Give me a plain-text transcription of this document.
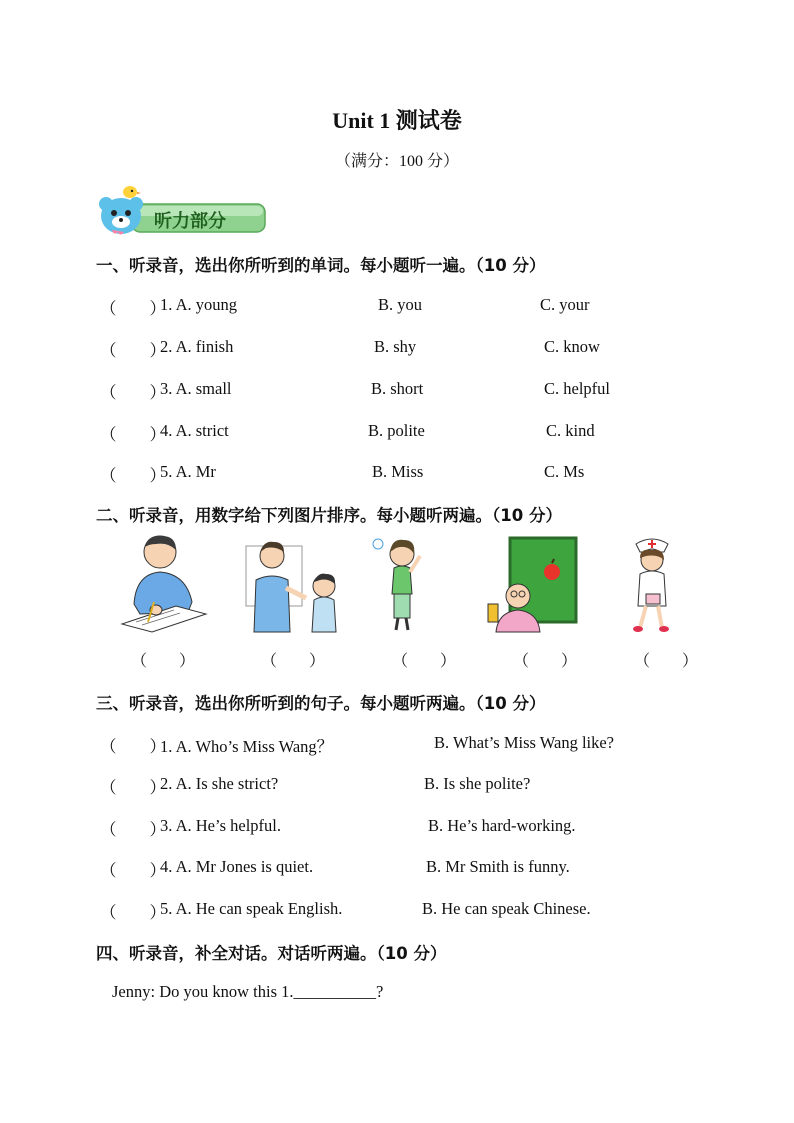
Unit 1 测试卷
（满分：100 分）
听力部分
一、听录音，选出你所听到的单词。每小题听一遍。（10 分）
（　　）
1. A. young	B. you	C. your
（　　）
2. A. finish	B. shy	C. know
（　　）
3. A. small	B. short	C. helpful
（　　）
4. A. strict	B. polite	C. kind
（　　）
5. A. Mr	B. Miss	C. Ms
二、听录音，用数字给下列图片排序。每小题听两遍。（10 分）
（　　）	（　　）	（　　）	（　　）	（　　）
三、听录音，选出你所听到的句子。每小题听两遍。（10 分）
（　　）
1. A. Who’s Miss Wang？	B. What’s Miss Wang like?
（　　）
2. A. Is she strict?	B. Is she polite?
（　　）
3. A. He’s helpful.	B. He’s hard-working.
（　　）
4. A. Mr Jones is quiet.	B. Mr Smith is funny.
（　　）
5. A. He can speak English.	B. He can speak Chinese.
四、听录音，补全对话。对话听两遍。（10 分）
Jenny: Do you know this 1.__________?
